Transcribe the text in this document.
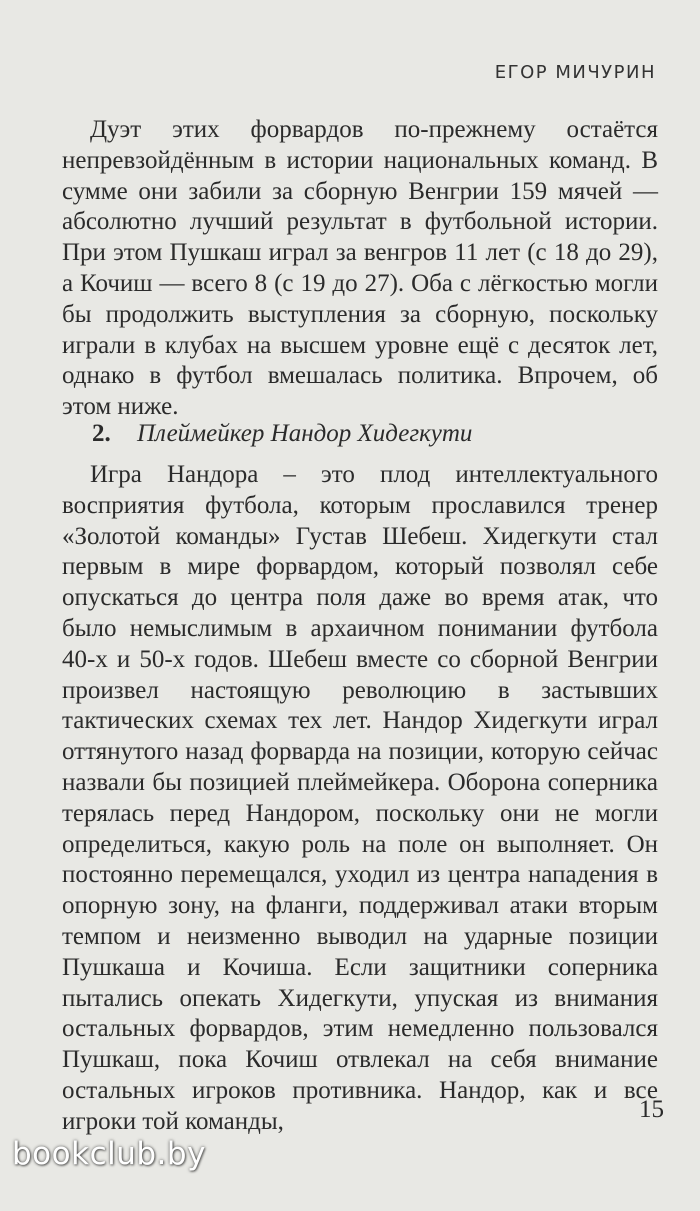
ЕГОР МИЧУРИН

Дуэт этих форвардов по-прежнему остаётся непревзойдённым в истории национальных команд. В сумме они забили за сборную Венгрии 159 мячей — абсолютно лучший результат в футбольной истории. При этом Пушкаш играл за венгров 11 лет (с 18 до 29), а Кочиш — всего 8 (с 19 до 27). Оба с лёгкостью могли бы продолжить выступления за сборную, поскольку играли в клубах на высшем уровне ещё с десяток лет, однако в футбол вмешалась политика. Впрочем, об этом ниже.

2. Плеймейкер Нандор Хидегкути

Игра Нандора – это плод интеллектуального восприятия футбола, которым прославился тренер «Золотой команды» Густав Шебеш. Хидегкути стал первым в мире форвардом, который позволял себе опускаться до центра поля даже во время атак, что было немыслимым в архаичном понимании футбола 40-х и 50-х годов. Шебеш вместе со сборной Венгрии произвел настоящую революцию в застывших тактических схемах тех лет. Нандор Хидегкути играл оттянутого назад форварда на позиции, которую сейчас назвали бы позицией плеймейкера. Оборона соперника терялась перед Нандором, поскольку они не могли определиться, какую роль на поле он выполняет. Он постоянно перемещался, уходил из центра нападения в опорную зону, на фланги, поддерживал атаки вторым темпом и неизменно выводил на ударные позиции Пушкаша и Кочиша. Если защитники соперника пытались опекать Хидегкути, упуская из внимания остальных форвардов, этим немедленно пользовался Пушкаш, пока Кочиш отвлекал на себя внимание остальных игроков противника. Нандор, как и все игроки той команды,	15
bookclub.by
